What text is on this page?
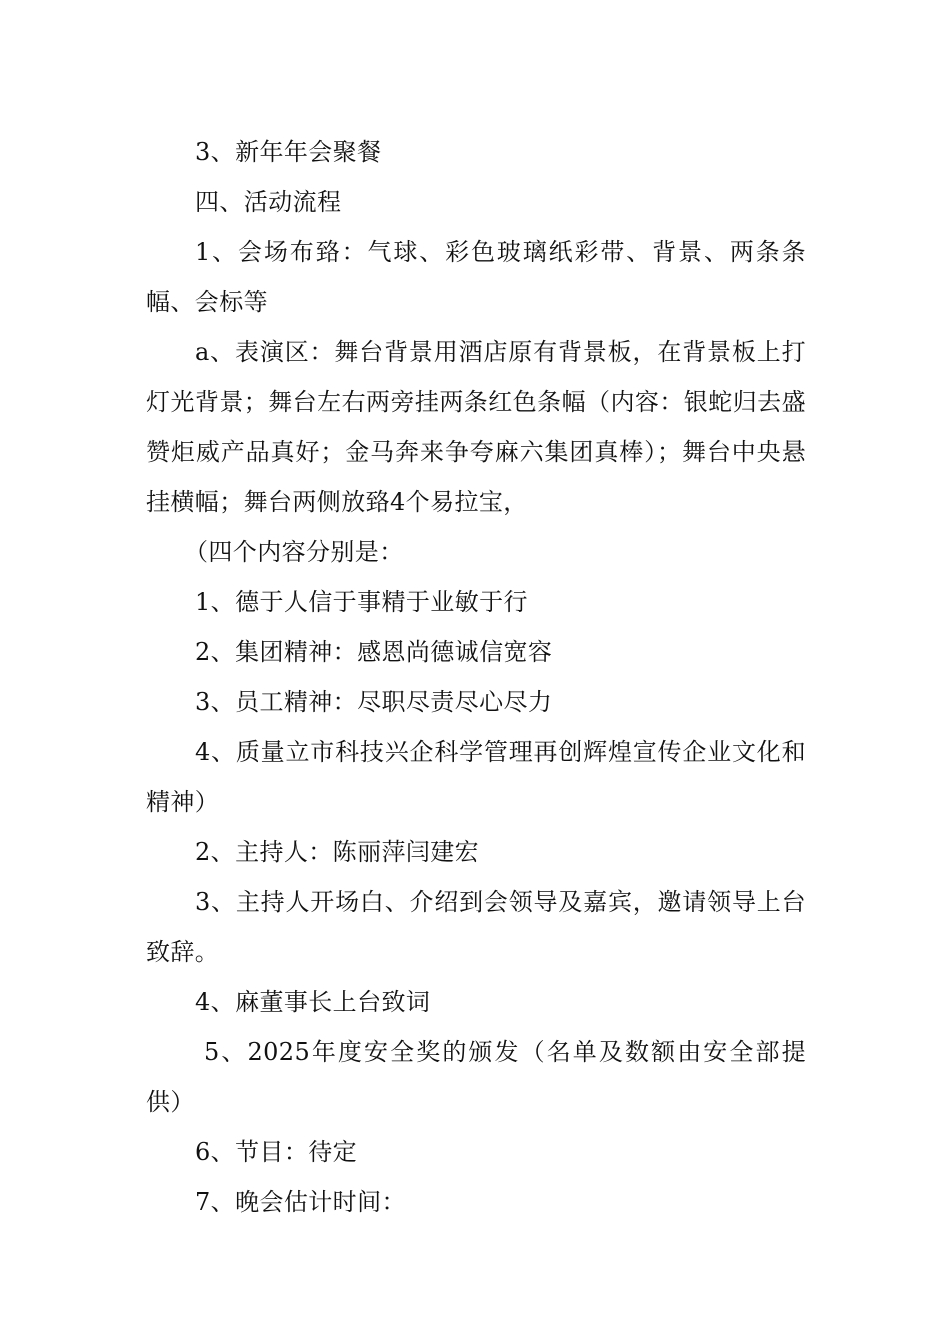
3、新年年会聚餐

四、活动流程

1、会场布臵：气球、彩色玻璃纸彩带、背景、两条条幅、会标等

a、表演区：舞台背景用酒店原有背景板，在背景板上打灯光背景；舞台左右两旁挂两条红色条幅（内容：银蛇归去盛赞炬威产品真好；金马奔来争夸麻六集团真棒）；舞台中央悬挂横幅；舞台两侧放臵4个易拉宝，

（四个内容分别是：

1、德于人信于事精于业敏于行

2、集团精神：感恩尚德诚信宽容

3、员工精神：尽职尽责尽心尽力

4、质量立市科技兴企科学管理再创辉煌宣传企业文化和精神）

2、主持人：陈丽萍闫建宏

3、主持人开场白、介绍到会领导及嘉宾，邀请领导上台致辞。

4、麻董事长上台致词

5、2025年度安全奖的颁发（名单及数额由安全部提供）

6、节目：待定

7、晚会估计时间：
